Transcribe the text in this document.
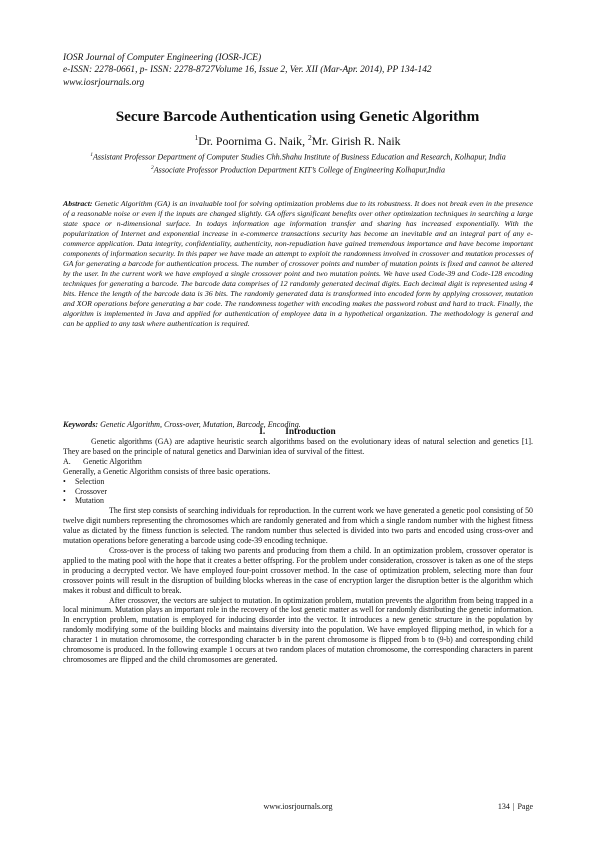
IOSR Journal of Computer Engineering (IOSR-JCE)
e-ISSN: 2278-0661, p- ISSN: 2278-8727Volume 16, Issue 2, Ver. XII (Mar-Apr. 2014), PP 134-142
www.iosrjournals.org
Secure Barcode Authentication using Genetic Algorithm
$^1$Dr. Poornima G. Naik, $^2$Mr. Girish R. Naik
$^1$Assistant Professor Department of Computer Studies Chh.Shahu Institute of Business Education and Research, Kolhapur, India
$^2$Associate Professor Production Department KIT’s College of Engineering Kolhapur,India
Abstract: Genetic Algorithm (GA) is an invaluable tool for solving optimization problems due to its robustness. It does not break even in the presence of a reasonable noise or even if the inputs are changed slightly. GA offers significant benefits over other optimization techniques in searching a large state space or n-dimensional surface. In todays information age information transfer and sharing has increased exponentially. With the popularization of Internet and exponential increase in e-commerce transactions security has become an inevitable and an integral part of any e-commerce application. Data integrity, confidentiality, authenticity, non-repudiation have gained tremendous importance and have become important components of information security. In this paper we have made an attempt to exploit the randomness involved in crossover and mutation processes of GA for generating a barcode for authentication process. The number of crossover points and number of mutation points is fixed and cannot be altered by the user. In the current work we have employed a single crossover point and two mutation points. We have used Code-39 and Code-128 encoding techniques for generating a barcode. The barcode data comprises of 12 randomly generated decimal digits. Each decimal digit is represented using 4 bits. Hence the length of the barcode data is 36 bits. The randomly generated data is transformed into encoded form by applying crossover, mutation and XOR operations before generating a bar code. The randomness together with encoding makes the password robust and hard to track. Finally, the algorithm is implemented in Java and applied for authentication of employee data in a hypothetical organization. The methodology is general and can be applied to any task where authentication is required.
Keywords: Genetic Algorithm, Cross-over, Mutation, Barcode, Encoding.
I. Introduction

Genetic algorithms (GA) are adaptive heuristic search algorithms based on the evolutionary ideas of natural selection and genetics [1]. They are based on the principle of natural genetics and Darwinian idea of survival of the fittest.

A. Genetic Algorithm

Generally, a Genetic Algorithm consists of three basic operations.

• Selection

• Crossover

• Mutation

The first step consists of searching individuals for reproduction. In the current work we have generated a genetic pool consisting of 50 twelve digit numbers representing the chromosomes which are randomly generated and from which a single random number with the highest fitness value as dictated by the fitness function is selected. The random number thus selected is divided into two parts and encoded using cross-over and mutation operations before generating a barcode using code-39 encoding technique.

Cross-over is the process of taking two parents and producing from them a child. In an optimization problem, crossover operator is applied to the mating pool with the hope that it creates a better offspring. For the problem under consideration, crossover is taken as one of the steps in producing a decrypted vector. We have employed four-point crossover method. In the case of optimization problem, selecting more than four crossover points will result in the disruption of building blocks whereas in the case of encryption larger the disruption better is the algorithm which makes it robust and difficult to break.

After crossover, the vectors are subject to mutation. In optimization problem, mutation prevents the algorithm from being trapped in a local minimum. Mutation plays an important role in the recovery of the lost genetic matter as well for randomly distributing the genetic information. In encryption problem, mutation is employed for inducing disorder into the vector. It introduces a new genetic structure in the population by randomly modifying some of the building blocks and maintains diversity into the population. We have employed flipping method, in which for a character 1 in mutation chromosome, the corresponding character b in the parent chromosome is flipped from b to (9-b) and corresponding child chromosome is produced. In the following example 1 occurs at two random places of mutation chromosome, the corresponding characters in parent chromosomes are flipped and the child chromosomes are generated.

www.iosrjournals.org	134 | Page
